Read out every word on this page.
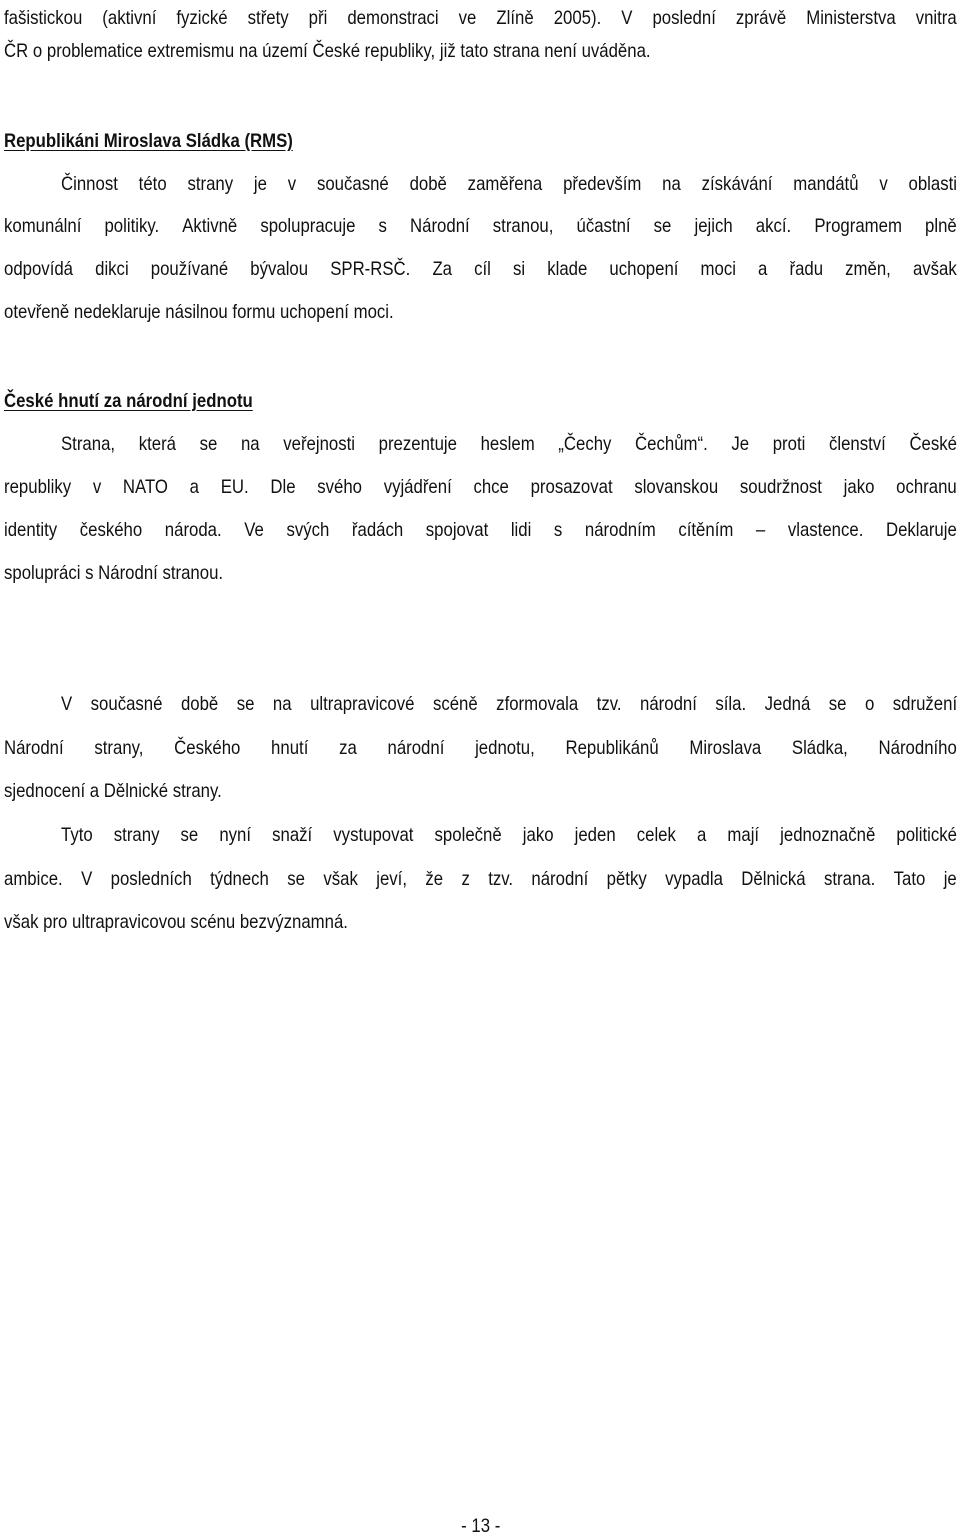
fašistickou (aktivní fyzické střety při demonstraci ve Zlíně 2005). V poslední zprávě Ministerstva vnitra
ČR o problematice extremismu na území České republiky, již tato strana není uváděna.
Republikáni Miroslava Sládka (RMS)
Činnost této strany je v současné době zaměřena především na získávání mandátů v oblasti
komunální politiky. Aktivně spolupracuje s Národní stranou, účastní se jejich akcí. Programem plně
odpovídá dikci používané bývalou SPR-RSČ. Za cíl si klade uchopení moci a řadu změn, avšak
otevřeně nedeklaruje násilnou formu uchopení moci.
České hnutí za národní jednotu
Strana, která se na veřejnosti prezentuje heslem „Čechy Čechům“. Je proti členství České
republiky v NATO a EU. Dle svého vyjádření chce prosazovat slovanskou soudržnost jako ochranu
identity českého národa. Ve svých řadách spojovat lidi s národním cítěním – vlastence. Deklaruje
spolupráci s Národní stranou.
V současné době se na ultrapravicové scéně zformovala tzv. národní síla. Jedná se o sdružení
Národní strany, Českého hnutí za národní jednotu, Republikánů Miroslava Sládka, Národního
sjednocení a Dělnické strany.
Tyto strany se nyní snaží vystupovat společně jako jeden celek a mají jednoznačně politické
ambice. V posledních týdnech se však jeví, že z tzv. národní pětky vypadla Dělnická strana. Tato je
však pro ultrapravicovou scénu bezvýznamná.
- 13 -
